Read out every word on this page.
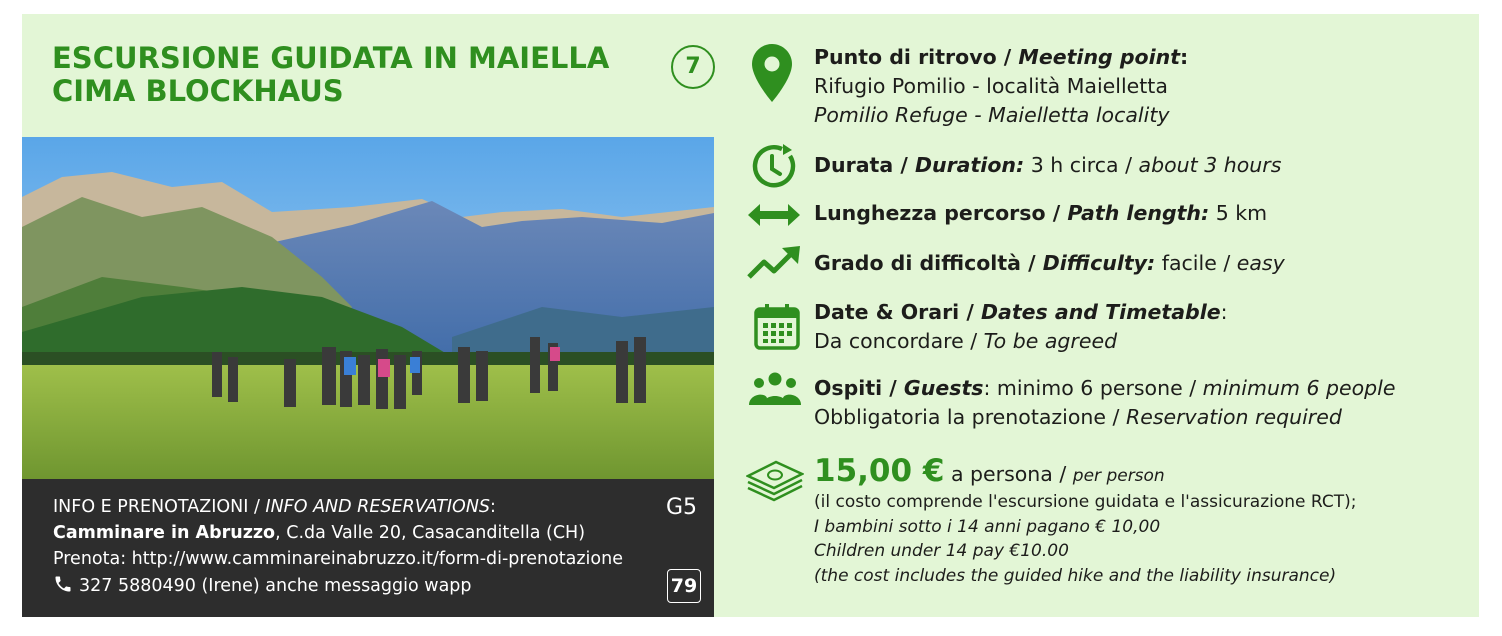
ESCURSIONE GUIDATA IN MAIELLA
CIMA BLOCKHAUS
7
INFO E PRENOTAZIONI / INFO AND RESERVATIONS:
Camminare in Abruzzo, C.da Valle 20, Casacanditella (CH)
Prenota: http://www.camminareinabruzzo.it/form-di-prenotazione
327 5880490 (Irene) anche messaggio wapp
G5
79
Punto di ritrovo / Meeting point:
Rifugio Pomilio - località Maielletta
Pomilio Refuge - Maielletta locality
Durata / Duration: 3 h circa / about 3 hours
Lunghezza percorso / Path length: 5 km
Grado di difficoltà / Difficulty: facile / easy
Date & Orari / Dates and Timetable:
Da concordare / To be agreed
Ospiti / Guests: minimo 6 persone / minimum 6 people
Obbligatoria la prenotazione / Reservation required
15,00 € a persona / per person
(il costo comprende l'escursione guidata e l'assicurazione RCT);
I bambini sotto i 14 anni pagano € 10,00
Children under 14 pay €10.00
(the cost includes the guided hike and the liability insurance)
